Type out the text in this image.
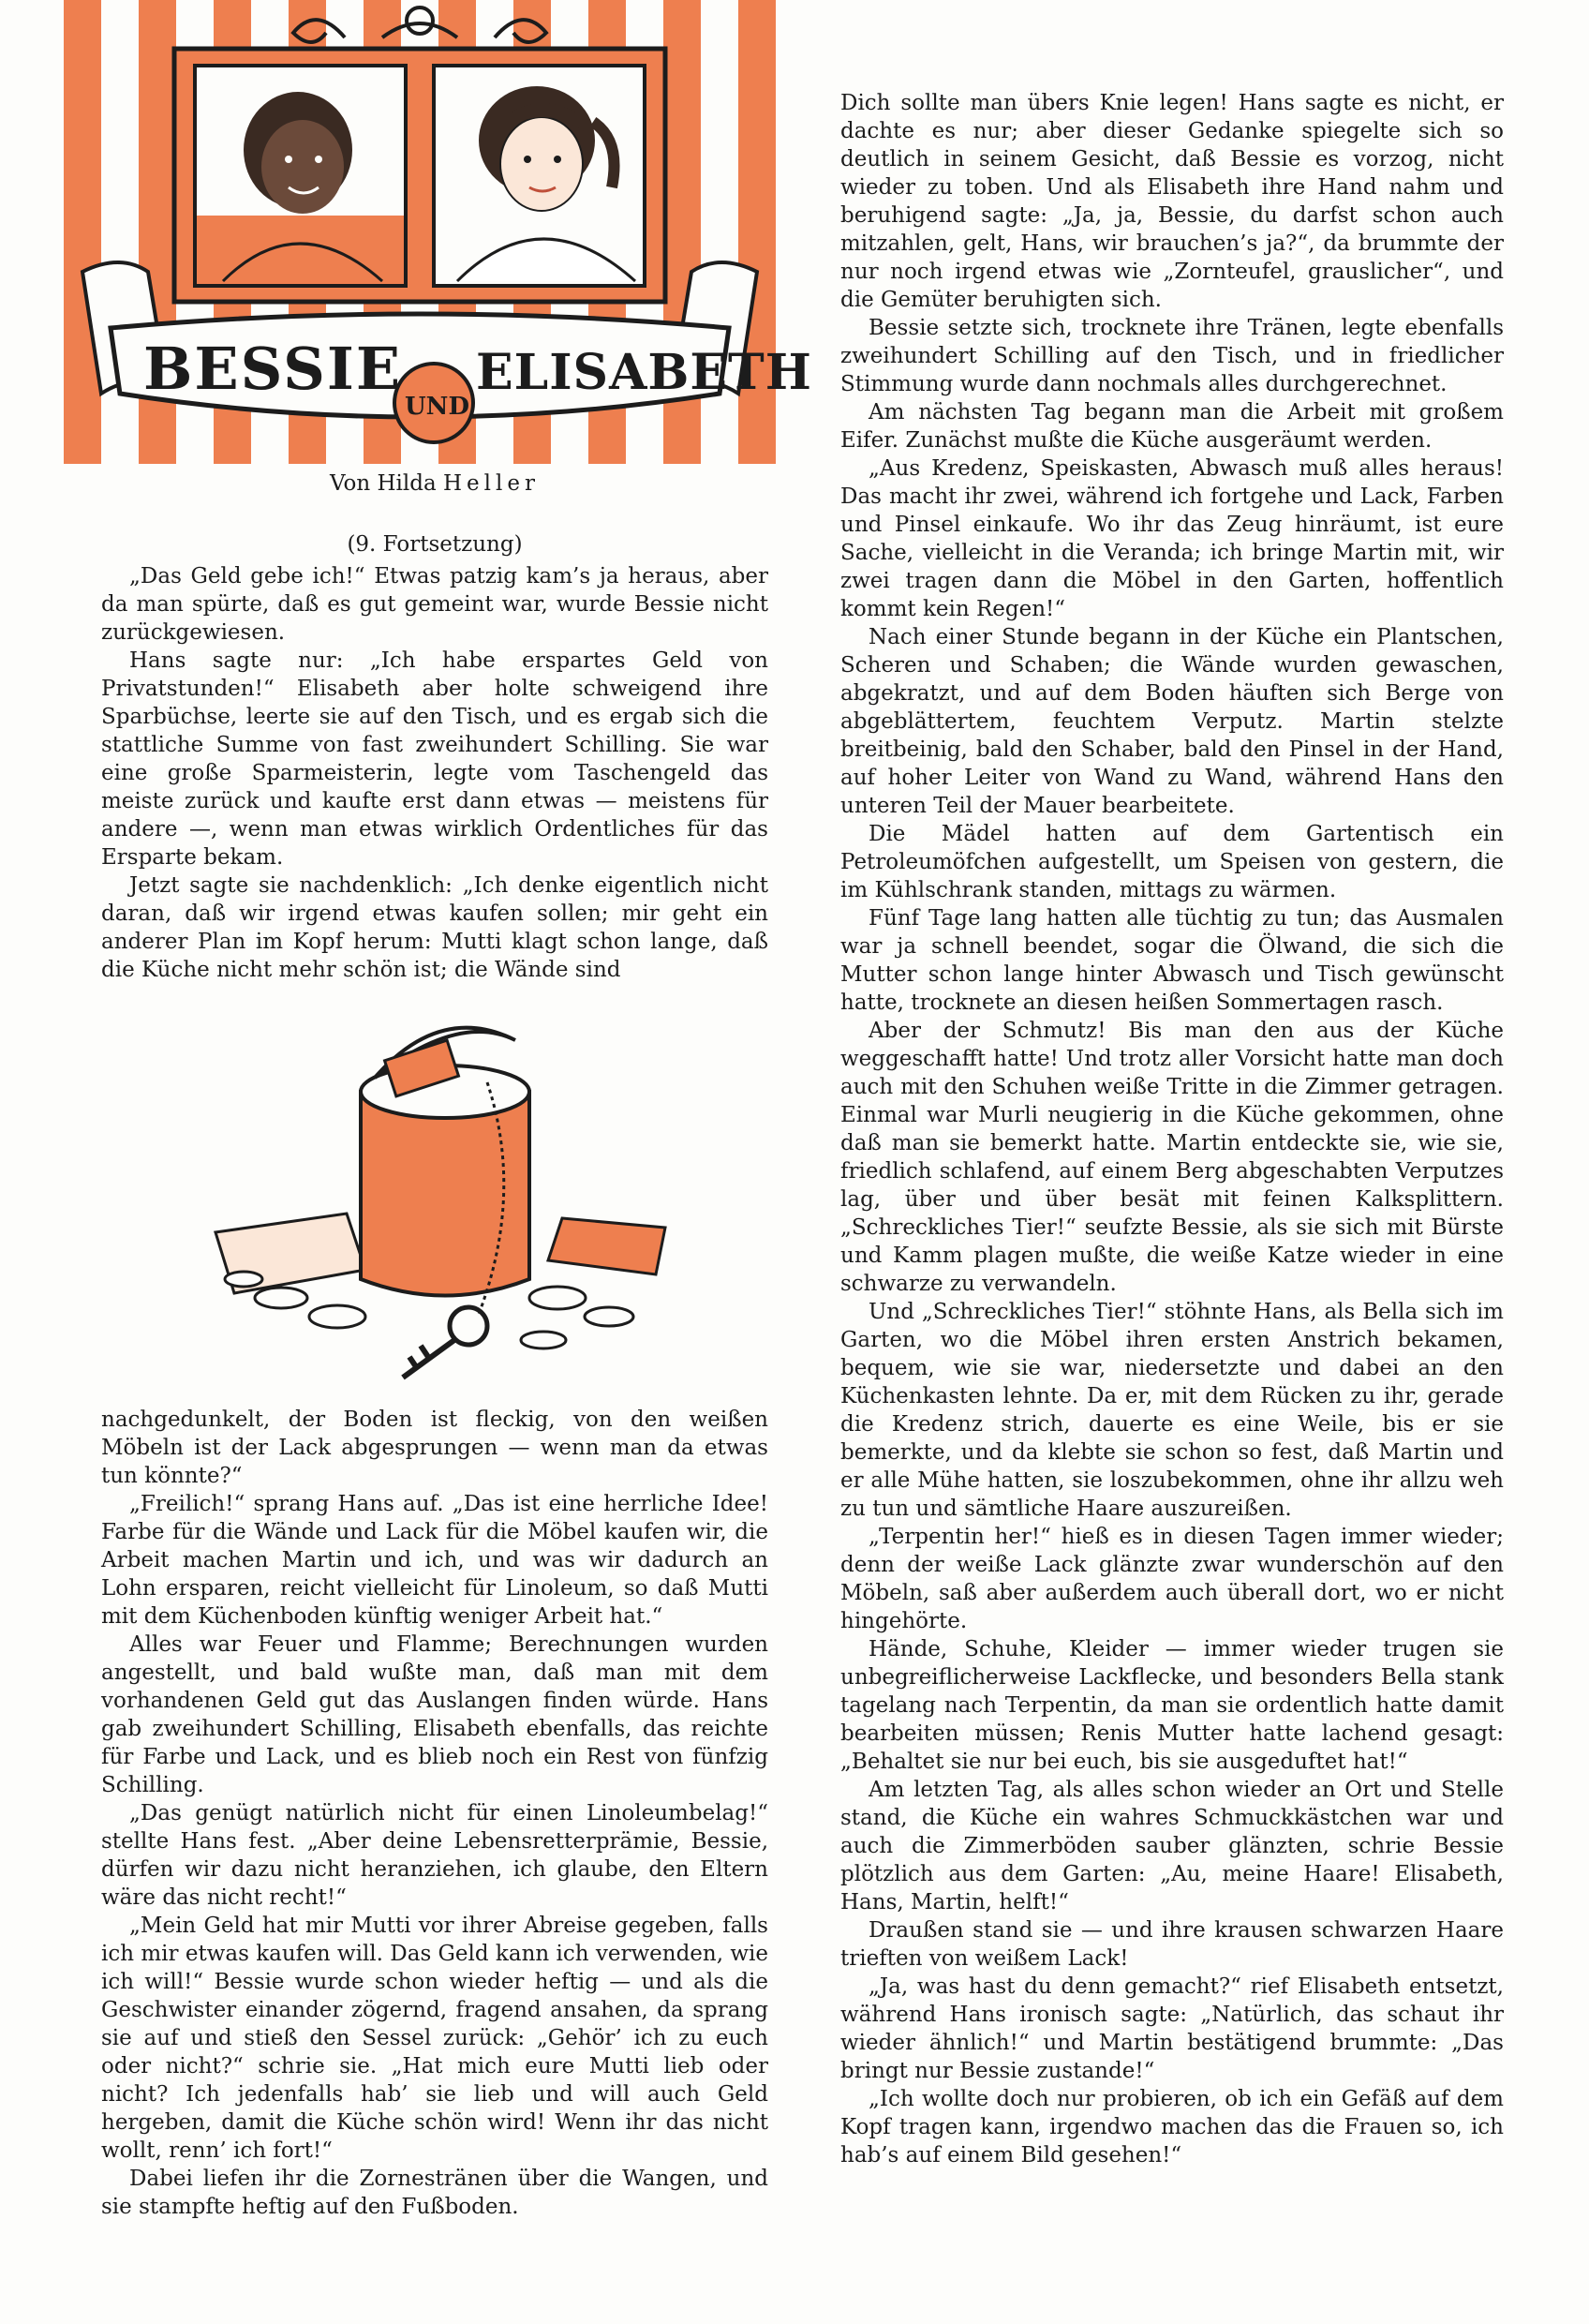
BESSIE
UND
ELISABETH
Von Hilda Heller
(9. Fortsetzung)

„Das Geld gebe ich!“ Etwas patzig kam’s ja heraus, aber da man spürte, daß es gut gemeint war, wurde Bessie nicht zurückgewiesen.

Hans sagte nur: „Ich habe erspartes Geld von Privatstunden!“ Elisabeth aber holte schweigend ihre Sparbüchse, leerte sie auf den Tisch, und es ergab sich die stattliche Summe von fast zweihundert Schilling. Sie war eine große Sparmeisterin, legte vom Taschengeld das meiste zurück und kaufte erst dann etwas — meistens für andere —, wenn man etwas wirklich Ordentliches für das Ersparte bekam.

Jetzt sagte sie nachdenklich: „Ich denke eigentlich nicht daran, daß wir irgend etwas kaufen sollen; mir geht ein anderer Plan im Kopf herum: Mutti klagt schon lange, daß die Küche nicht mehr schön ist; die Wände sind

nachgedunkelt, der Boden ist fleckig, von den weißen Möbeln ist der Lack abgesprungen — wenn man da etwas tun könnte?“

„Freilich!“ sprang Hans auf. „Das ist eine herrliche Idee! Farbe für die Wände und Lack für die Möbel kaufen wir, die Arbeit machen Martin und ich, und was wir dadurch an Lohn ersparen, reicht vielleicht für Linoleum, so daß Mutti mit dem Küchenboden künftig weniger Arbeit hat.“

Alles war Feuer und Flamme; Berechnungen wurden angestellt, und bald wußte man, daß man mit dem vorhandenen Geld gut das Auslangen finden würde. Hans gab zweihundert Schilling, Elisabeth ebenfalls, das reichte für Farbe und Lack, und es blieb noch ein Rest von fünfzig Schilling.

„Das genügt natürlich nicht für einen Linoleumbelag!“ stellte Hans fest. „Aber deine Lebensretterprämie, Bessie, dürfen wir dazu nicht heranziehen, ich glaube, den Eltern wäre das nicht recht!“

„Mein Geld hat mir Mutti vor ihrer Abreise gegeben, falls ich mir etwas kaufen will. Das Geld kann ich verwenden, wie ich will!“ Bessie wurde schon wieder heftig — und als die Geschwister einander zögernd, fragend ansahen, da sprang sie auf und stieß den Sessel zurück: „Gehör’ ich zu euch oder nicht?“ schrie sie. „Hat mich eure Mutti lieb oder nicht? Ich jedenfalls hab’ sie lieb und will auch Geld hergeben, damit die Küche schön wird! Wenn ihr das nicht wollt, renn’ ich fort!“

Dabei liefen ihr die Zornestränen über die Wangen, und sie stampfte heftig auf den Fußboden.

Dich sollte man übers Knie legen! Hans sagte es nicht, er dachte es nur; aber dieser Gedanke spiegelte sich so deutlich in seinem Gesicht, daß Bessie es vorzog, nicht wieder zu toben. Und als Elisabeth ihre Hand nahm und beruhigend sagte: „Ja, ja, Bessie, du darfst schon auch mitzahlen, gelt, Hans, wir brauchen’s ja?“, da brummte der nur noch irgend etwas wie „Zornteufel, grauslicher“, und die Gemüter beruhigten sich.

Bessie setzte sich, trocknete ihre Tränen, legte ebenfalls zweihundert Schilling auf den Tisch, und in friedlicher Stimmung wurde dann nochmals alles durchgerechnet.

Am nächsten Tag begann man die Arbeit mit großem Eifer. Zunächst mußte die Küche ausgeräumt werden.

„Aus Kredenz, Speiskasten, Abwasch muß alles heraus! Das macht ihr zwei, während ich fortgehe und Lack, Farben und Pinsel einkaufe. Wo ihr das Zeug hinräumt, ist eure Sache, vielleicht in die Veranda; ich bringe Martin mit, wir zwei tragen dann die Möbel in den Garten, hoffentlich kommt kein Regen!“

Nach einer Stunde begann in der Küche ein Plantschen, Scheren und Schaben; die Wände wurden gewaschen, abgekratzt, und auf dem Boden häuften sich Berge von abgeblättertem, feuchtem Verputz. Martin stelzte breitbeinig, bald den Schaber, bald den Pinsel in der Hand, auf hoher Leiter von Wand zu Wand, während Hans den unteren Teil der Mauer bearbeitete.

Die Mädel hatten auf dem Gartentisch ein Petroleumöfchen aufgestellt, um Speisen von gestern, die im Kühlschrank standen, mittags zu wärmen.

Fünf Tage lang hatten alle tüchtig zu tun; das Ausmalen war ja schnell beendet, sogar die Ölwand, die sich die Mutter schon lange hinter Abwasch und Tisch gewünscht hatte, trocknete an diesen heißen Sommertagen rasch.

Aber der Schmutz! Bis man den aus der Küche weggeschafft hatte! Und trotz aller Vorsicht hatte man doch auch mit den Schuhen weiße Tritte in die Zimmer getragen. Einmal war Murli neugierig in die Küche gekommen, ohne daß man sie bemerkt hatte. Martin entdeckte sie, wie sie, friedlich schlafend, auf einem Berg abgeschabten Verputzes lag, über und über besät mit feinen Kalksplittern. „Schreckliches Tier!“ seufzte Bessie, als sie sich mit Bürste und Kamm plagen mußte, die weiße Katze wieder in eine schwarze zu verwandeln.

Und „Schreckliches Tier!“ stöhnte Hans, als Bella sich im Garten, wo die Möbel ihren ersten Anstrich bekamen, bequem, wie sie war, niedersetzte und dabei an den Küchenkasten lehnte. Da er, mit dem Rücken zu ihr, gerade die Kredenz strich, dauerte es eine Weile, bis er sie bemerkte, und da klebte sie schon so fest, daß Martin und er alle Mühe hatten, sie loszubekommen, ohne ihr allzu weh zu tun und sämtliche Haare auszureißen.

„Terpentin her!“ hieß es in diesen Tagen immer wieder; denn der weiße Lack glänzte zwar wunderschön auf den Möbeln, saß aber außerdem auch überall dort, wo er nicht hingehörte.

Hände, Schuhe, Kleider — immer wieder trugen sie unbegreiflicherweise Lackflecke, und besonders Bella stank tagelang nach Terpentin, da man sie ordentlich hatte damit bearbeiten müssen; Renis Mutter hatte lachend gesagt: „Behaltet sie nur bei euch, bis sie ausgeduftet hat!“

Am letzten Tag, als alles schon wieder an Ort und Stelle stand, die Küche ein wahres Schmuckkästchen war und auch die Zimmerböden sauber glänzten, schrie Bessie plötzlich aus dem Garten: „Au, meine Haare! Elisabeth, Hans, Martin, helft!“

Draußen stand sie — und ihre krausen schwarzen Haare trieften von weißem Lack!

„Ja, was hast du denn gemacht?“ rief Elisabeth entsetzt, während Hans ironisch sagte: „Natürlich, das schaut ihr wieder ähnlich!“ und Martin bestätigend brummte: „Das bringt nur Bessie zustande!“

„Ich wollte doch nur probieren, ob ich ein Gefäß auf dem Kopf tragen kann, irgendwo machen das die Frauen so, ich hab’s auf einem Bild gesehen!“
